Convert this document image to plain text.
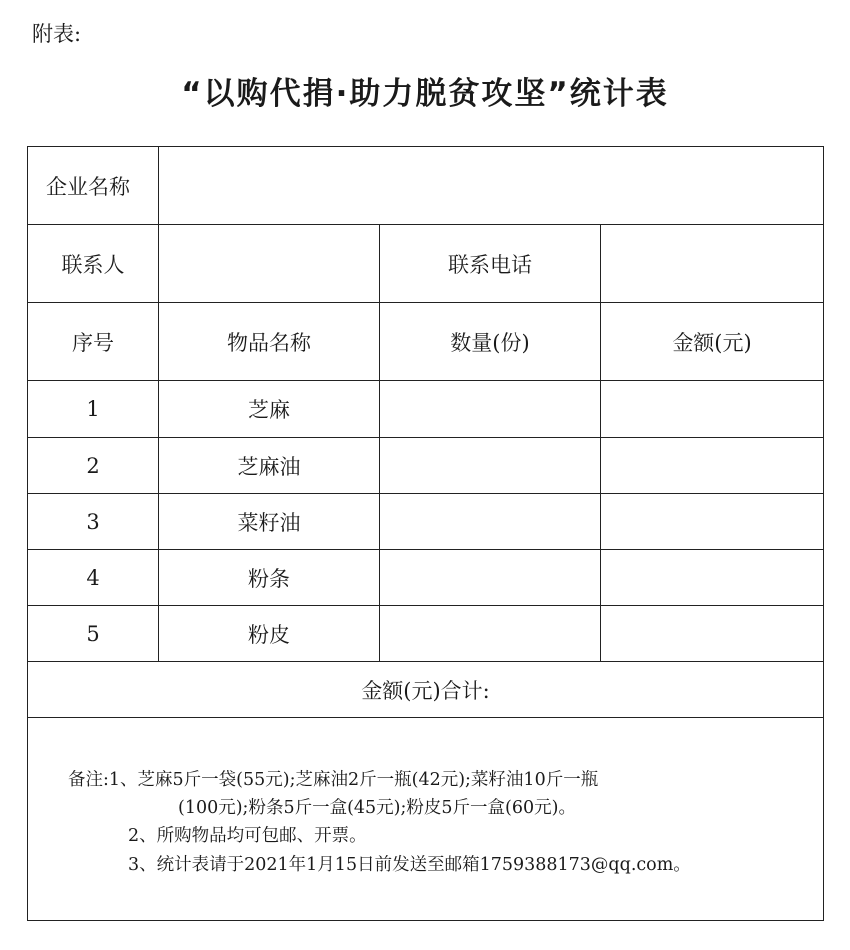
附表:
“以购代捐·助力脱贫攻坚”统计表
企业名称			
联系人		联系电话	
序号	物品名称	数量(份)	金额(元)
1	芝麻		
2	芝麻油		
3	菜籽油		
4	粉条		
5	粉皮		
金额(元)合计:			

备注:1、芝麻5斤一袋(55元);芝麻油2斤一瓶(42元);菜籽油10斤一瓶
(100元);粉条5斤一盒(45元);粉皮5斤一盒(60元)。
2、所购物品均可包邮、开票。
3、统计表请于2021年1月15日前发送至邮箱1759388173@qq.com。			
